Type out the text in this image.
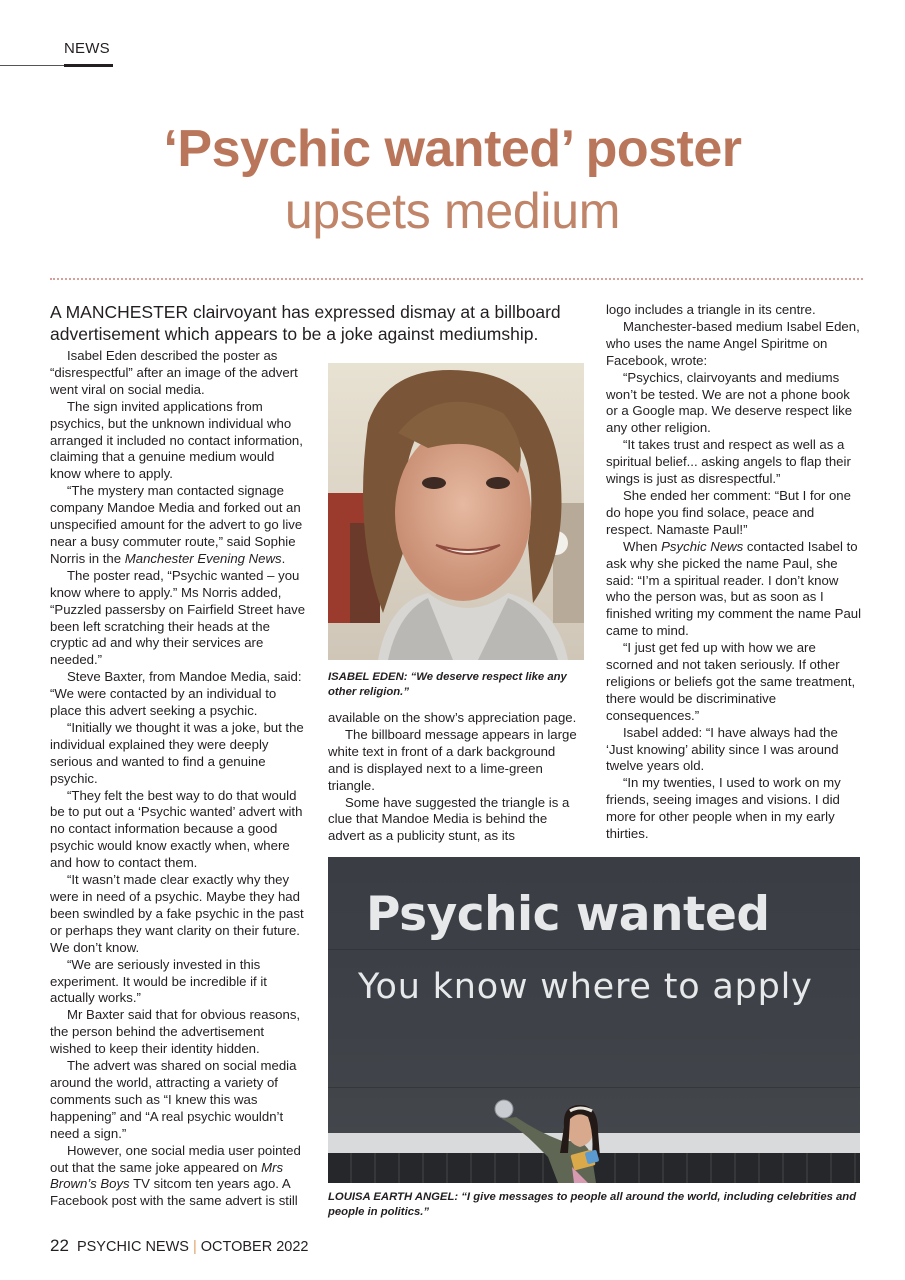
NEWS
‘Psychic wanted’ poster
upsets medium

A MANCHESTER clairvoyant has expressed dismay at a billboard advertisement which appears to be a joke against mediumship.

Isabel Eden described the poster as “disrespectful” after an image of the advert went viral on social media.

The sign invited applications from psychics, but the unknown individual who arranged it included no contact information, claiming that a genuine medium would know where to apply.

“The mystery man contacted signage company Mandoe Media and forked out an unspecified amount for the advert to go live near a busy commuter route,” said Sophie Norris in the Manchester Evening News.

The poster read, “Psychic wanted – you know where to apply.” Ms Norris added, “Puzzled passersby on Fairfield Street have been left scratching their heads at the cryptic ad and why their services are needed.”

Steve Baxter, from Mandoe Media, said: “We were contacted by an individual to place this advert seeking a psychic.

“Initially we thought it was a joke, but the individual explained they were deeply serious and wanted to find a genuine psychic.

“They felt the best way to do that would be to put out a ‘Psychic wanted’ advert with no contact information because a good psychic would know exactly when, where and how to contact them.

“It wasn’t made clear exactly why they were in need of a psychic. Maybe they had been swindled by a fake psychic in the past or perhaps they want clarity on their future. We don’t know.

“We are seriously invested in this experiment. It would be incredible if it actually works.”

Mr Baxter said that for obvious reasons, the person behind the advertisement wished to keep their identity hidden.

The advert was shared on social media around the world, attracting a variety of comments such as “I knew this was happening” and “A real psychic wouldn’t need a sign.”

However, one social media user pointed out that the same joke appeared on Mrs Brown’s Boys TV sitcom ten years ago. A Facebook post with the same advert is still

ISABEL EDEN: “We deserve respect like any other religion.”

available on the show’s appreciation page.

The billboard message appears in large white text in front of a dark background and is displayed next to a lime-green triangle.

Some have suggested the triangle is a clue that Mandoe Media is behind the advert as a publicity stunt, as its

logo includes a triangle in its centre.

Manchester-based medium Isabel Eden, who uses the name Angel Spiritme on Facebook, wrote:

“Psychics, clairvoyants and mediums won’t be tested. We are not a phone book or a Google map. We deserve respect like any other religion.

“It takes trust and respect as well as a spiritual belief... asking angels to flap their wings is just as disrespectful.”

She ended her comment: “But I for one do hope you find solace, peace and respect. Namaste Paul!”

When Psychic News contacted Isabel to ask why she picked the name Paul, she said: “I’m a spiritual reader. I don’t know who the person was, but as soon as I finished writing my comment the name Paul came to mind.

“I just get fed up with how we are scorned and not taken seriously. If other religions or beliefs got the same treatment, there would be discriminative consequences.”

Isabel added: “I have always had the ‘Just knowing’ ability since I was around twelve years old.

“In my twenties, I used to work on my friends, seeing images and visions. I did more for other people when in my early thirties.

Psychic wanted
You know where to apply
LOUISA EARTH ANGEL: “I give messages to people all around the world, including celebrities and people in politics.”
22 PSYCHIC NEWS | OCTOBER 2022
